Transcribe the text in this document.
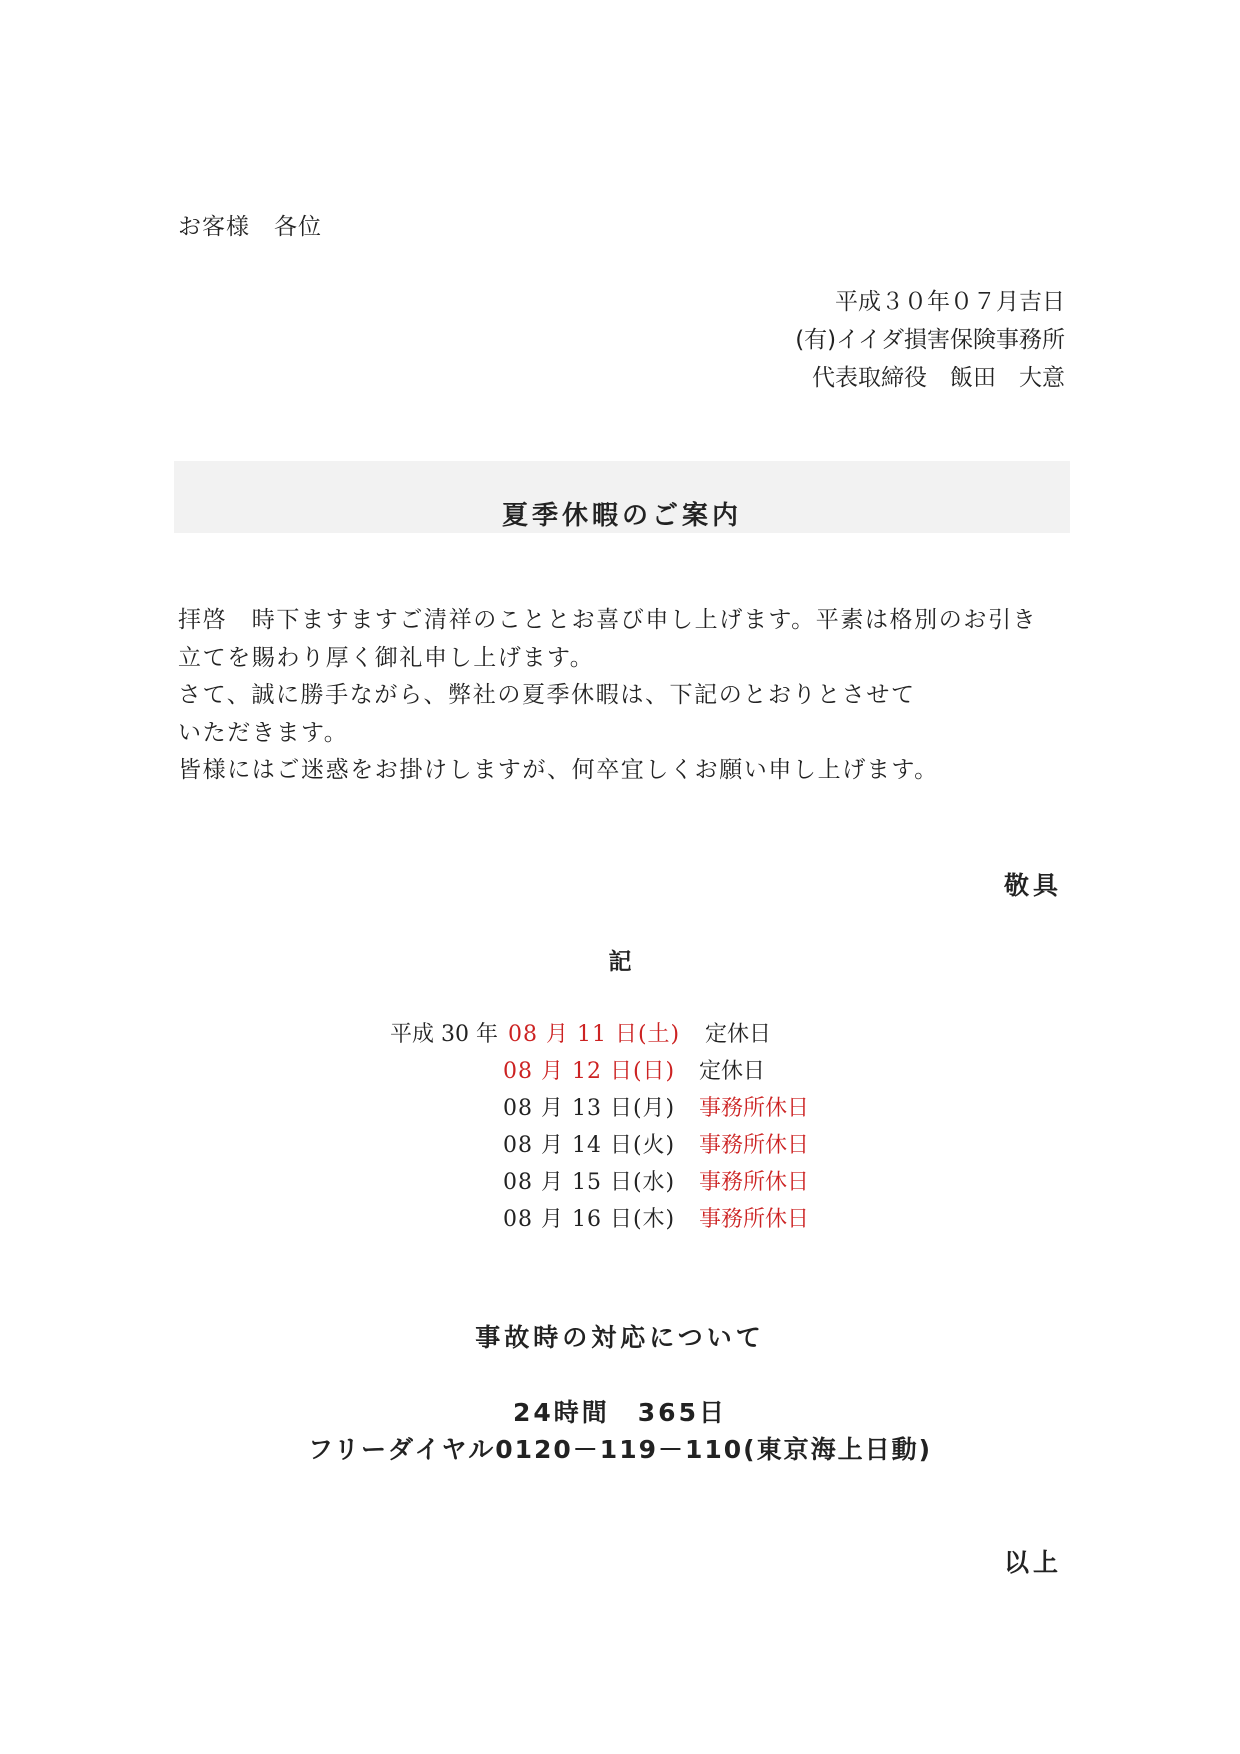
お客様　各位
平成３０年０７月吉日
(有)イイダ損害保険事務所
代表取締役　飯田　大意
夏季休暇のご案内
拝啓　時下ますますご清祥のこととお喜び申し上げます。平素は格別のお引き
立てを賜わり厚く御礼申し上げます。
さて、誠に勝手ながら、弊社の夏季休暇は、下記のとおりとさせて
いただきます。
皆様にはご迷惑をお掛けしますが、何卒宜しくお願い申し上げます。
敬具
記
平成 30 年 08 月 11 日(土) 定休日
08 月 12 日(日) 定休日
08 月 13 日(月) 事務所休日
08 月 14 日(火) 事務所休日
08 月 15 日(水) 事務所休日
08 月 16 日(木) 事務所休日
事故時の対応について
24時間　365日
フリーダイヤル0120－119－110(東京海上日動)
以上
